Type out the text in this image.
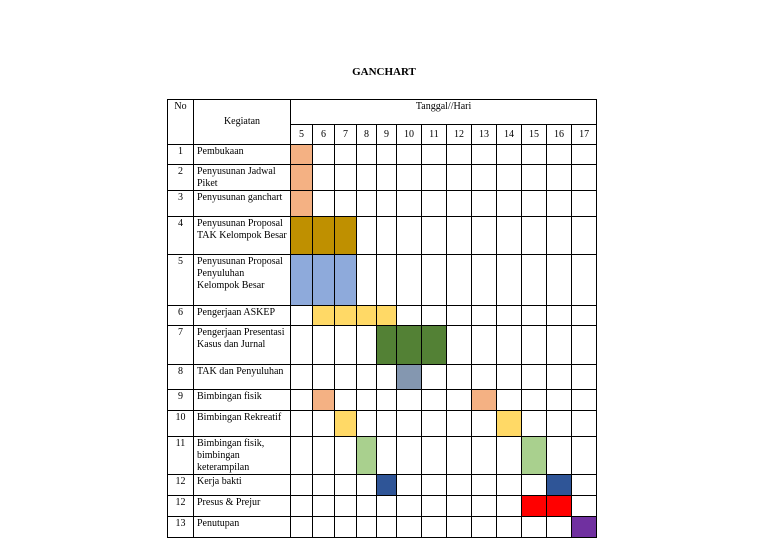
GANCHART
No	Kegiatan	Tanggal//Hari												
		5	6	7	8	9	10	11	12	13	14	15	16	17
1	Pembukaan													
2	Penyusunan Jadwal Piket													
3	Penyusunan ganchart													
4	Penyusunan Proposal TAK Kelompok Besar													
5	Penyusunan Proposal Penyuluhan Kelompok Besar													
6	Pengerjaan ASKEP													
7	Pengerjaan Presentasi Kasus dan Jurnal													
8	TAK dan Penyuluhan													
9	Bimbingan fisik													
10	Bimbingan Rekreatif													
11	Bimbingan fisik, bimbingan keterampilan													
12	Kerja bakti													
12	Presus & Prejur													
13	Penutupan													
